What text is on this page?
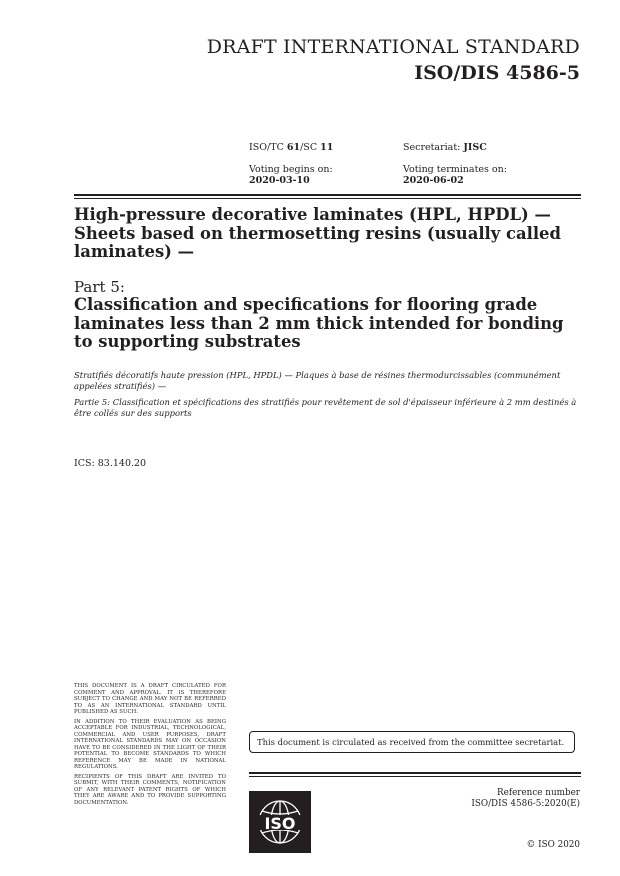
DRAFT INTERNATIONAL STANDARD
ISO/DIS 4586-5
ISO/TC 61/SC 11	Secretariat: JISC
Voting begins on:
2020-03-10
Voting terminates on:
2020-06-02
High-pressure decorative laminates (HPL, HPDL) — Sheets based on thermosetting resins (usually called laminates) —
Part 5:
Classification and specifications for flooring grade laminates less than 2 mm thick intended for bonding to supporting substrates
Stratifiés décoratifs haute pression (HPL, HPDL) — Plaques à base de résines thermodurcissables (communément appelées stratifiés) —
Partie 5: Classification et spécifications des stratifiés pour revêtement de sol d'épaisseur inférieure à 2 mm destinés à être collés sur des supports
ICS: 83.140.20

THIS DOCUMENT IS A DRAFT CIRCULATED FOR COMMENT AND APPROVAL. IT IS THEREFORE SUBJECT TO CHANGE AND MAY NOT BE REFERRED TO AS AN INTERNATIONAL STANDARD UNTIL PUBLISHED AS SUCH.

IN ADDITION TO THEIR EVALUATION AS BEING ACCEPTABLE FOR INDUSTRIAL, TECHNOLOGICAL, COMMERCIAL AND USER PURPOSES, DRAFT INTERNATIONAL STANDARDS MAY ON OCCASION HAVE TO BE CONSIDERED IN THE LIGHT OF THEIR POTENTIAL TO BECOME STANDARDS TO WHICH REFERENCE MAY BE MADE IN NATIONAL REGULATIONS.

RECIPIENTS OF THIS DRAFT ARE INVITED TO SUBMIT, WITH THEIR COMMENTS, NOTIFICATION OF ANY RELEVANT PATENT RIGHTS OF WHICH THEY ARE AWARE AND TO PROVIDE SUPPORTING DOCUMENTATION.

This document is circulated as received from the committee secretariat.
ISO
Reference number
ISO/DIS 4586-5:2020(E)
© ISO 2020
